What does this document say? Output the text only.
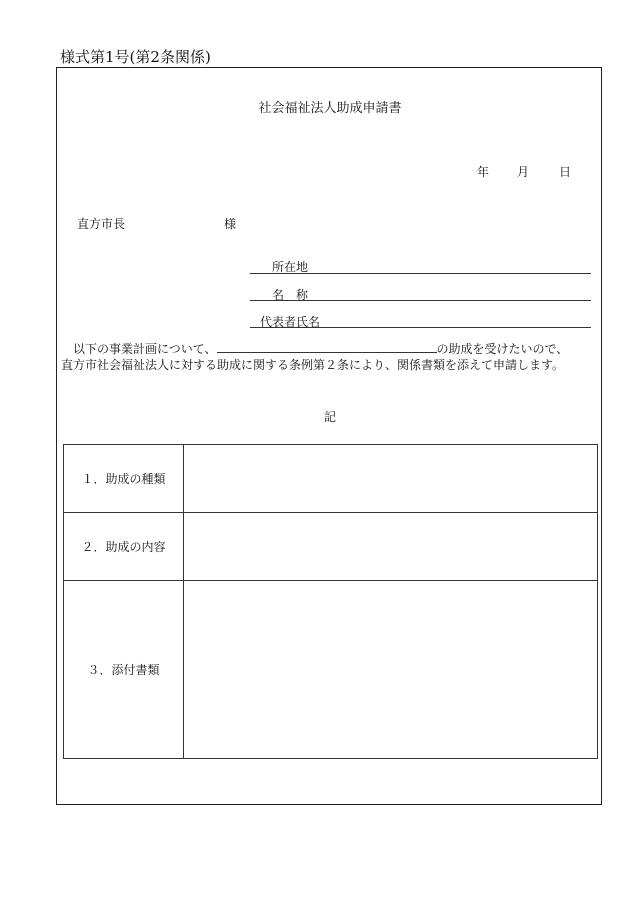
様式第1号(第2条関係)
社会福祉法人助成申請書
年 月 日
直方市長	様
所在地
名　称
代表者氏名
以下の事業計画について、	の助成を受けたいので、
直方市社会福祉法人に対する助成に関する条例第２条により、関係書類を添えて申請します。
記
１．助成の種類	
２．助成の内容	
３．添付書類	
